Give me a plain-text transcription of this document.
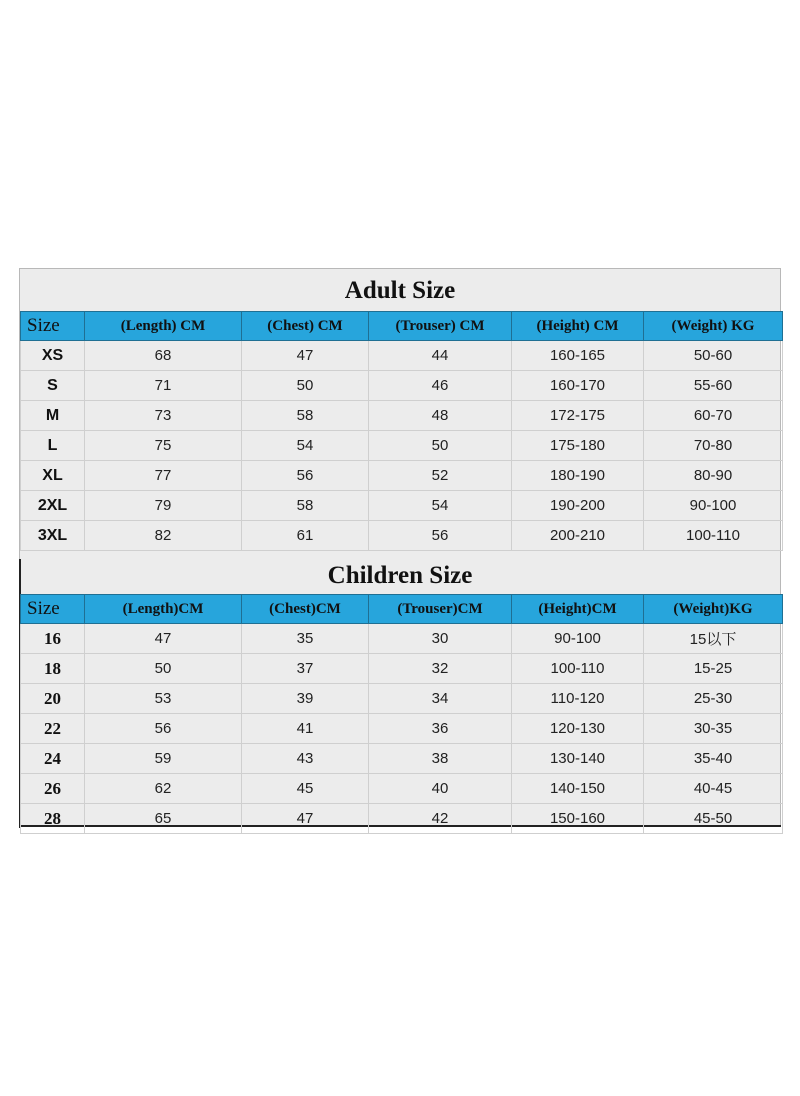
Adult Size
Size	(Length) CM	(Chest) CM	(Trouser) CM	(Height) CM	(Weight) KG
XS	68	47	44	160-165	50-60
S	71	50	46	160-170	55-60
M	73	58	48	172-175	60-70
L	75	54	50	175-180	70-80
XL	77	56	52	180-190	80-90
2XL	79	58	54	190-200	90-100
3XL	82	61	56	200-210	100-110
Children Size
Size	(Length)CM	(Chest)CM	(Trouser)CM	(Height)CM	(Weight)KG
16	47	35	30	90-100	15以下
18	50	37	32	100-110	15-25
20	53	39	34	110-120	25-30
22	56	41	36	120-130	30-35
24	59	43	38	130-140	35-40
26	62	45	40	140-150	40-45
28	65	47	42	150-160	45-50
